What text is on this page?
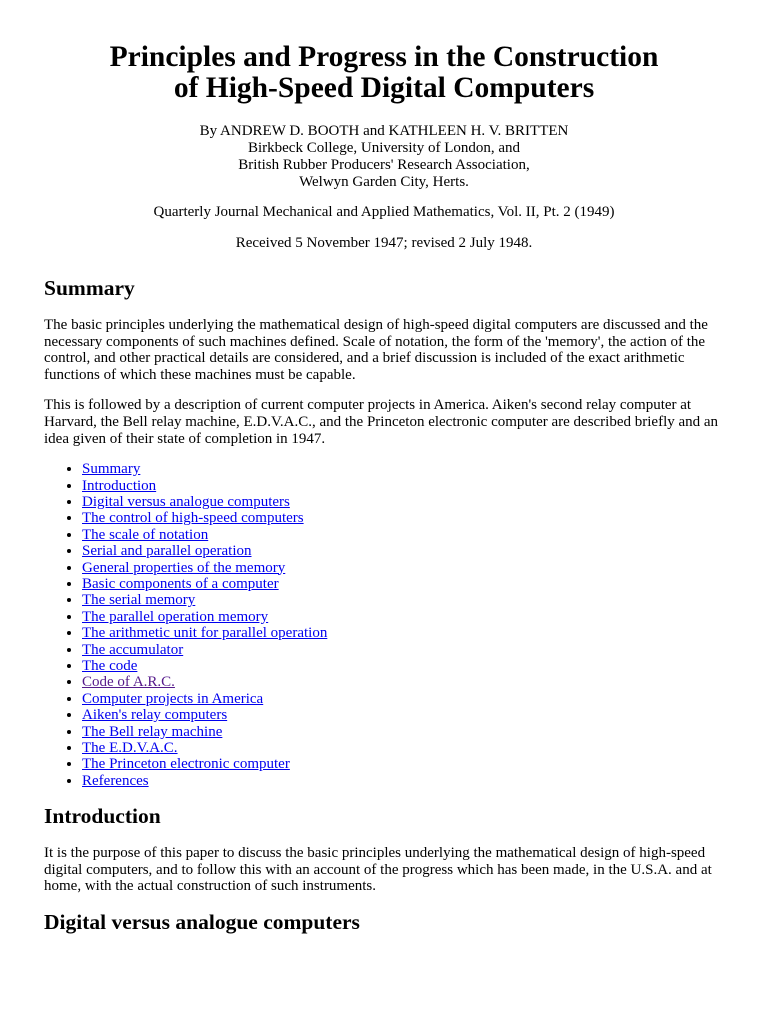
Principles and Progress in the Construction
of High-Speed Digital Computers
By ANDREW D. BOOTH and KATHLEEN H. V. BRITTEN
Birkbeck College, University of London, and
British Rubber Producers' Research Association,
Welwyn Garden City, Herts.
Quarterly Journal Mechanical and Applied Mathematics, Vol. II, Pt. 2 (1949)
Received 5 November 1947; revised 2 July 1948.
Summary

The basic principles underlying the mathematical design of high-speed digital computers are discussed and the necessary components of such machines defined. Scale of notation, the form of the 'memory', the action of the control, and other practical details are considered, and a brief discussion is included of the exact arithmetic functions of which these machines must be capable.

This is followed by a description of current computer projects in America. Aiken's second relay computer at Harvard, the Bell relay machine, E.D.V.A.C., and the Princeton electronic computer are described briefly and an idea given of their state of completion in 1947.

• Summary
• Introduction
• Digital versus analogue computers
• The control of high-speed computers
• The scale of notation
• Serial and parallel operation
• General properties of the memory
• Basic components of a computer
• The serial memory
• The parallel operation memory
• The arithmetic unit for parallel operation
• The accumulator
• The code
• Code of A.R.C.
• Computer projects in America
• Aiken's relay computers
• The Bell relay machine
• The E.D.V.A.C.
• The Princeton electronic computer
• References
Introduction

It is the purpose of this paper to discuss the basic principles underlying the mathematical design of high-speed digital computers, and to follow this with an account of the progress which has been made, in the U.S.A. and at home, with the actual construction of such instruments.

Digital versus analogue computers
